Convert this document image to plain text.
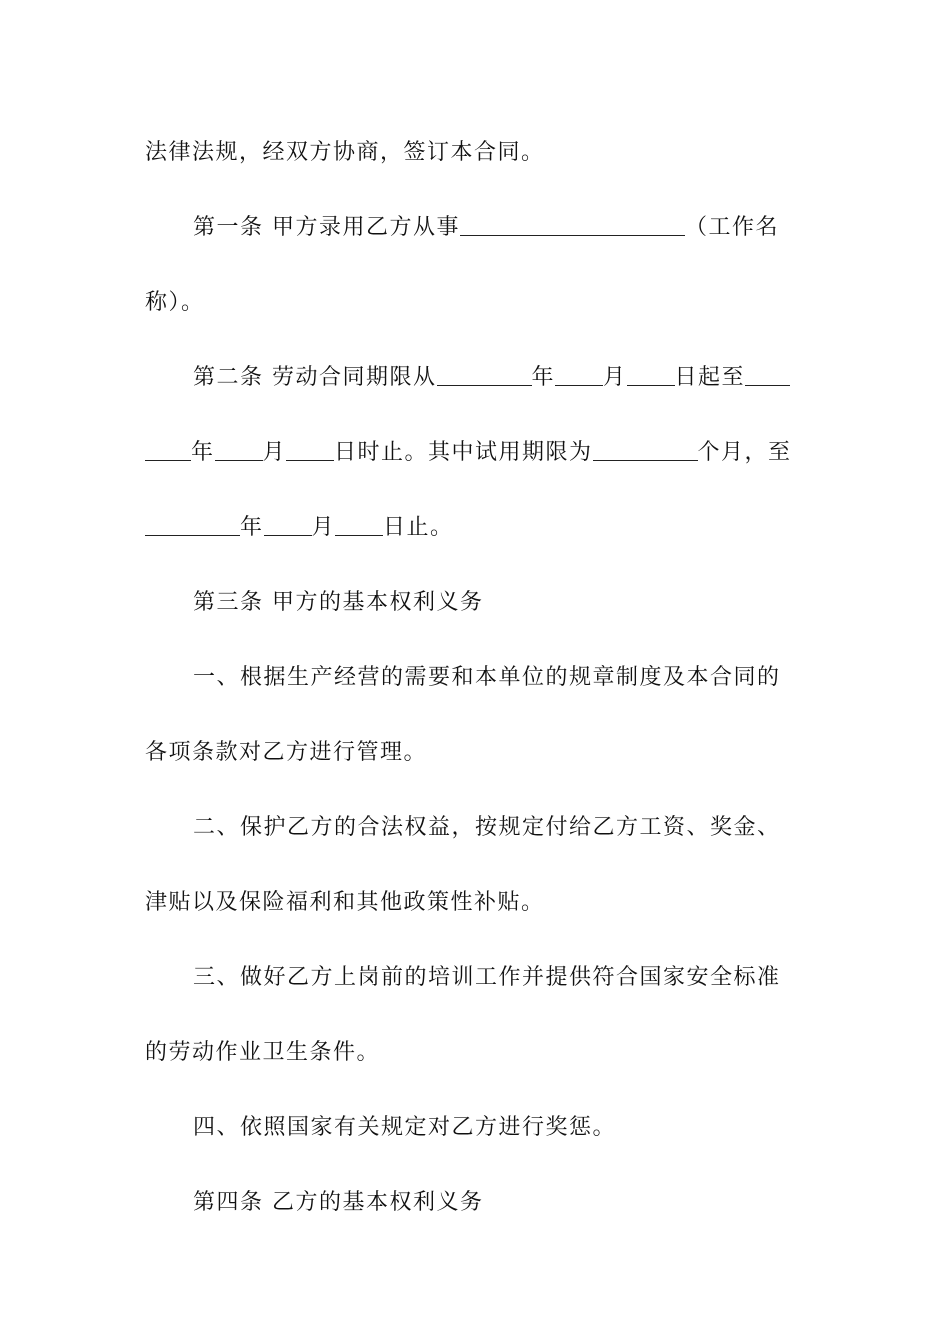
法律法规，经双方协商，签订本合同。
第一条 甲方录用乙方从事	（工作名
称）。
第二条 劳动合同期限从	年 月 日起至
年 月 日时止。其中试用期限为	个月，至
年 月 日止。
第三条 甲方的基本权利义务
一、根据生产经营的需要和本单位的规章制度及本合同的
各项条款对乙方进行管理。
二、保护乙方的合法权益，按规定付给乙方工资、奖金、
津贴以及保险福利和其他政策性补贴。
三、做好乙方上岗前的培训工作并提供符合国家安全标准
的劳动作业卫生条件。
四、依照国家有关规定对乙方进行奖惩。
第四条 乙方的基本权利义务
